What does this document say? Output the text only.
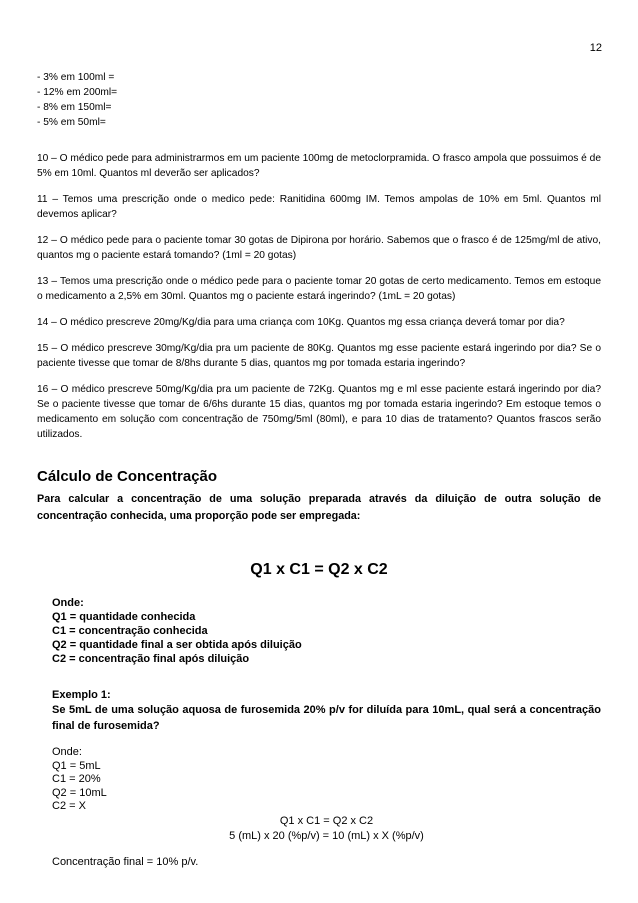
12
- 3% em 100ml =
- 12% em 200ml=
- 8% em 150ml=
- 5% em 50ml=
10 – O médico pede para administrarmos em um paciente 100mg de metoclorpramida. O frasco ampola que possuimos é de 5% em 10ml. Quantos ml deverão ser aplicados?
11 – Temos uma prescrição onde o medico pede: Ranitidina 600mg IM. Temos ampolas de 10% em 5ml. Quantos ml devemos aplicar?
12 – O médico pede para o paciente tomar 30 gotas de Dipirona por horário. Sabemos que o frasco é de 125mg/ml de ativo, quantos mg o paciente estará tomando? (1ml = 20 gotas)
13 – Temos uma prescrição onde o médico pede para o paciente tomar 20 gotas de certo medicamento. Temos em estoque o medicamento a 2,5% em 30ml. Quantos mg o paciente estará ingerindo? (1mL = 20 gotas)
14 – O médico prescreve 20mg/Kg/dia para uma criança com 10Kg. Quantos mg essa criança deverá tomar por dia?
15 – O médico prescreve 30mg/Kg/dia pra um paciente de 80Kg. Quantos mg esse paciente estará ingerindo por dia? Se o paciente tivesse que tomar de 8/8hs durante 5 dias, quantos mg por tomada estaria ingerindo?
16 – O médico prescreve 50mg/Kg/dia pra um paciente de 72Kg. Quantos mg e ml esse paciente estará ingerindo por dia? Se o paciente tivesse que tomar de 6/6hs durante 15 dias, quantos mg por tomada estaria ingerindo? Em estoque temos o medicamento em solução com concentração de 750mg/5ml (80ml), e para 10 dias de tratamento? Quantos frascos serão utilizados.
Cálculo de Concentração

Para calcular a concentração de uma solução preparada através da diluição de outra solução de concentração conhecida, uma proporção pode ser empregada:

Q1 x C1 = Q2 x C2
Onde:
Q1 = quantidade conhecida
C1 = concentração conhecida
Q2 = quantidade final a ser obtida após diluição
C2 = concentração final após diluição
Exemplo 1:
Se 5mL de uma solução aquosa de furosemida 20% p/v for diluída para 10mL, qual será a concentração final de furosemida?
Onde:
Q1 = 5mL
C1 = 20%
Q2 = 10mL
C2 = X
Q1 x C1 = Q2 x C2
5 (mL) x 20 (%p/v) = 10 (mL) x X (%p/v)
Concentração final = 10% p/v.
